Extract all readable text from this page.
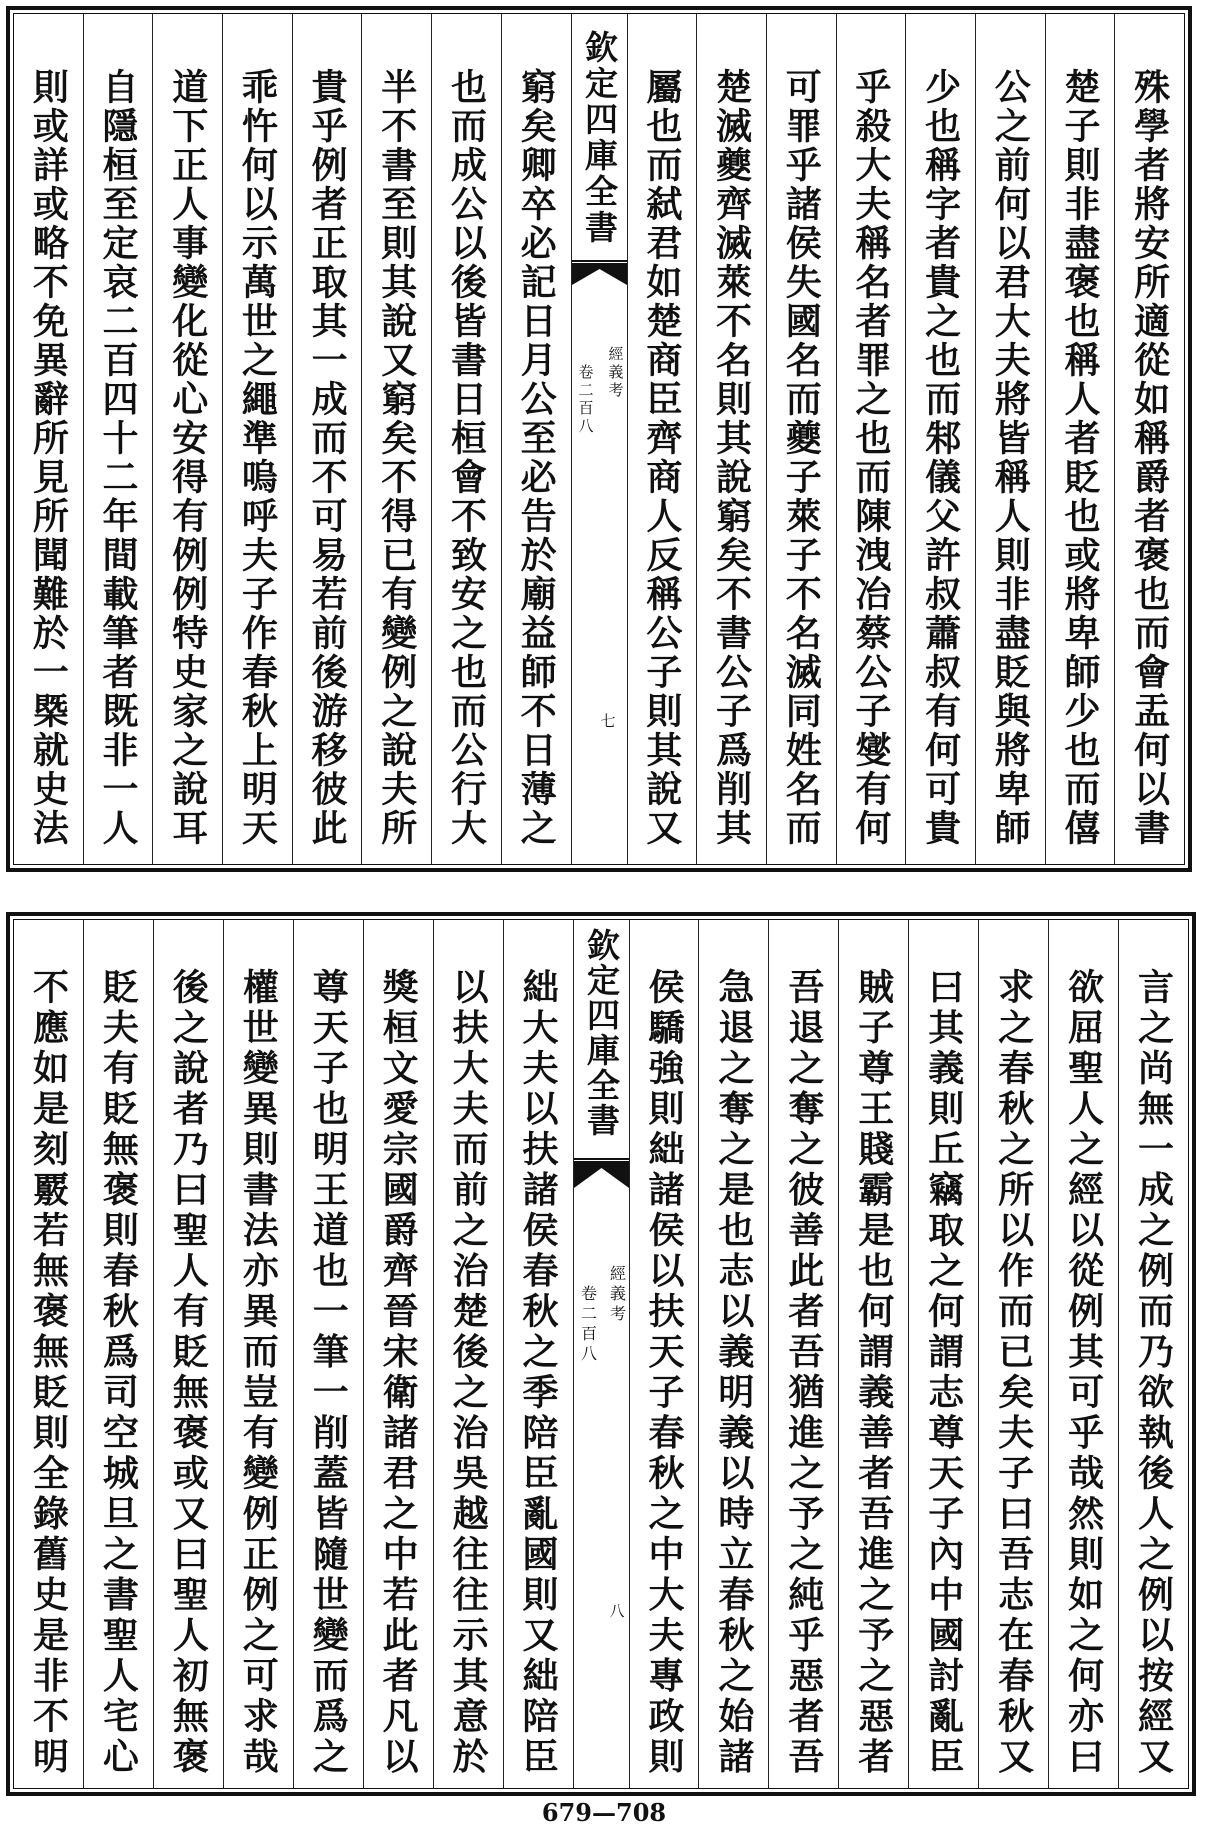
殊學者將安所適從如稱爵者褒也而會盂何以書
楚子則非盡褒也稱人者貶也或將卑師少也而僖
公之前何以君大夫將皆稱人則非盡貶與將卑師
少也稱字者貴之也而邾儀父許叔蕭叔有何可貴
乎殺大夫稱名者罪之也而陳洩冶蔡公子燮有何
可罪乎諸侯失國名而夔子萊子不名滅同姓名而
楚滅夔齊滅萊不名則其說窮矣不書公子爲削其
屬也而弑君如楚商臣齊商人反稱公子則其說又
欽定四庫全書
經義考
卷二百八
七
窮矣卿卒必記日月公至必告於廟益師不日薄之
也而成公以後皆書日桓會不致安之也而公行大
半不書至則其說又窮矣不得已有變例之說夫所
貴乎例者正取其一成而不可易若前後游移彼此
乖忤何以示萬世之繩準嗚呼夫子作春秋上明天
道下正人事變化從心安得有例例特史家之說耳
自隱桓至定哀二百四十二年間載筆者既非一人
則或詳或略不免異辭所見所聞難於一槩就史法
言之尚無一成之例而乃欲執後人之例以按經又
欲屈聖人之經以從例其可乎哉然則如之何亦曰
求之春秋之所以作而已矣夫子曰吾志在春秋又
曰其義則丘竊取之何謂志尊天子內中國討亂臣
賊子尊王賤霸是也何謂義善者吾進之予之惡者
吾退之奪之彼善此者吾猶進之予之純乎惡者吾
急退之奪之是也志以義明義以時立春秋之始諸
侯驕強則絀諸侯以扶天子春秋之中大夫專政則
欽定四庫全書
經義考
卷二百八
八
絀大夫以扶諸侯春秋之季陪臣亂國則又絀陪臣
以扶大夫而前之治楚後之治吳越往往示其意於
獎桓文愛宗國爵齊晉宋衛諸君之中若此者凡以
尊天子也明王道也一筆一削蓋皆隨世變而爲之
權世變異則書法亦異而豈有變例正例之可求哉
後之說者乃曰聖人有貶無褒或又曰聖人初無褒
貶夫有貶無褒則春秋爲司空城旦之書聖人宅心
不應如是刻覈若無褒無貶則全錄舊史是非不明
679—708
